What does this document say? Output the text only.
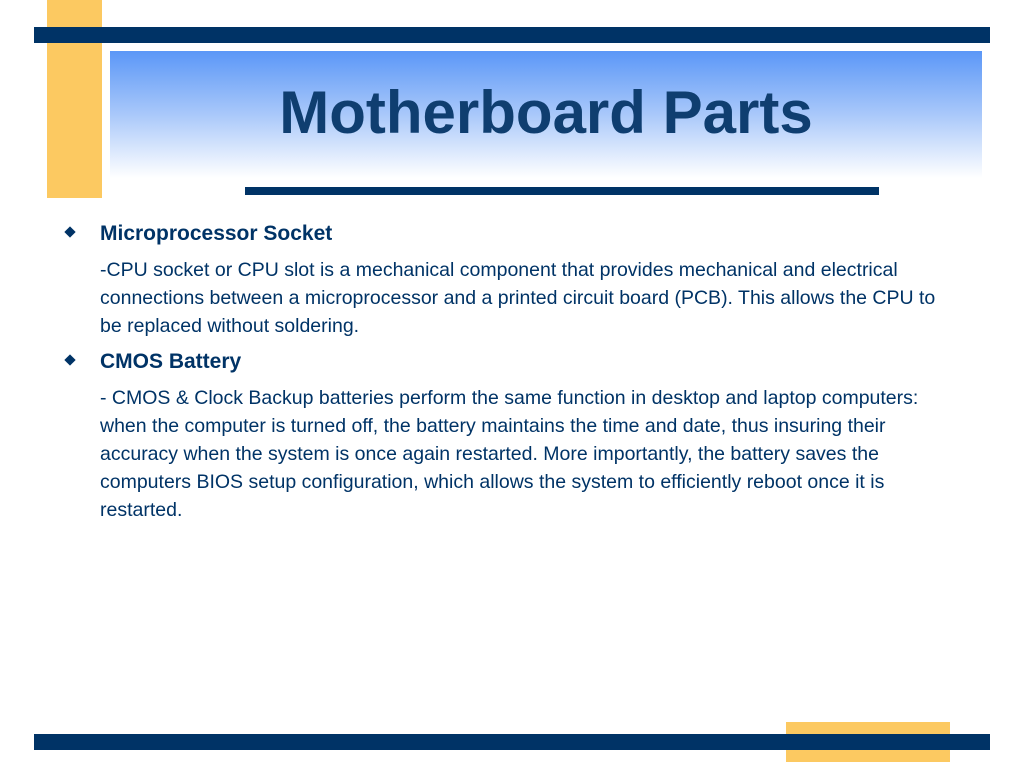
Motherboard Parts
Microprocessor Socket
-CPU socket or CPU slot is a mechanical component that provides mechanical and electrical connections between a microprocessor and a printed circuit board (PCB). This allows the CPU to be replaced without soldering.
CMOS Battery
- CMOS & Clock Backup batteries perform the same function in desktop and laptop computers: when the computer is turned off, the battery maintains the time and date, thus insuring their accuracy when the system is once again restarted. More importantly, the battery saves the computers BIOS setup configuration, which allows the system to efficiently reboot once it is restarted.
